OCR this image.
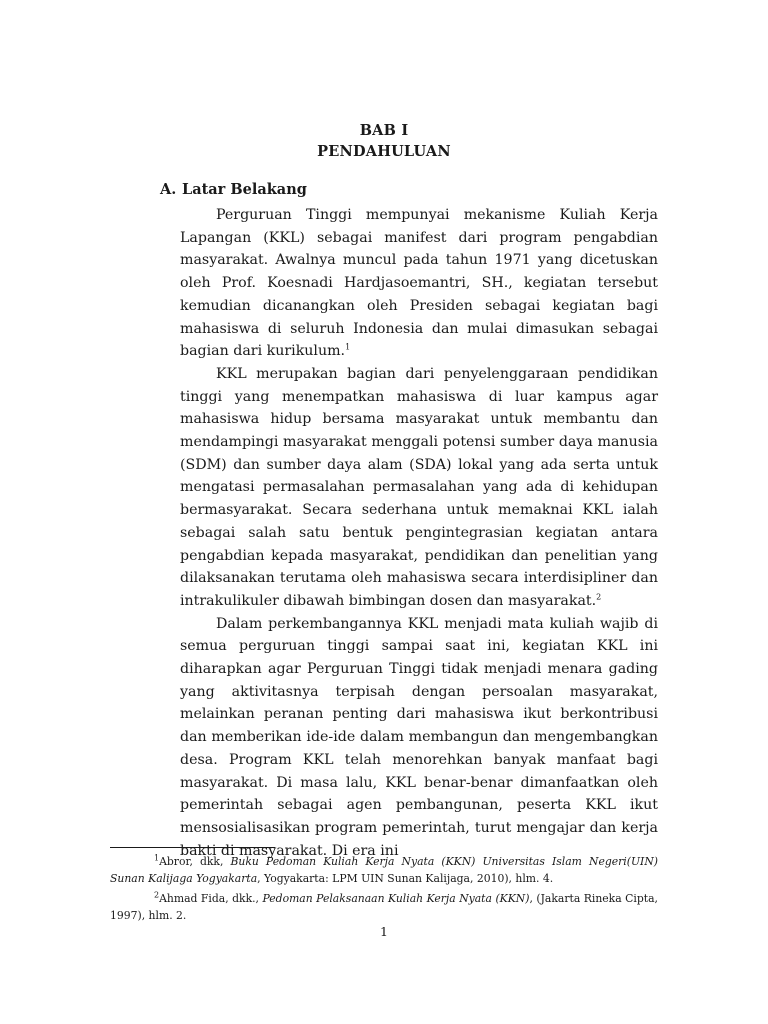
BAB I
PENDAHULUAN
A. Latar Belakang

Perguruan Tinggi mempunyai mekanisme Kuliah Kerja Lapangan (KKL) sebagai manifest dari program pengabdian masyarakat. Awalnya muncul pada tahun 1971 yang dicetuskan oleh Prof. Koesnadi Hardjasoemantri, SH., kegiatan tersebut kemudian dicanangkan oleh Presiden sebagai kegiatan bagi mahasiswa di seluruh Indonesia dan mulai dimasukan sebagai bagian dari kurikulum.$^1$

KKL merupakan bagian dari penyelenggaraan pendidikan tinggi yang menempatkan mahasiswa di luar kampus agar mahasiswa hidup bersama masyarakat untuk membantu dan mendampingi masyarakat menggali potensi sumber daya manusia (SDM) dan sumber daya alam (SDA) lokal yang ada serta untuk mengatasi permasalahan permasalahan yang ada di kehidupan bermasyarakat. Secara sederhana untuk memaknai KKL ialah sebagai salah satu bentuk pengintegrasian kegiatan antara pengabdian kepada masyarakat, pendidikan dan penelitian yang dilaksanakan terutama oleh mahasiswa secara interdisipliner dan intrakulikuler dibawah bimbingan dosen dan masyarakat.$^2$

Dalam perkembangannya KKL menjadi mata kuliah wajib di semua perguruan tinggi sampai saat ini, kegiatan KKL ini diharapkan agar Perguruan Tinggi tidak menjadi menara gading yang aktivitasnya terpisah dengan persoalan masyarakat, melainkan peranan penting dari mahasiswa ikut berkontribusi dan memberikan ide-ide dalam membangun dan mengembangkan desa. Program KKL telah menorehkan banyak manfaat bagi masyarakat. Di masa lalu, KKL benar-benar dimanfaatkan oleh pemerintah sebagai agen pembangunan, peserta KKL ikut mensosialisasikan program pemerintah, turut mengajar dan kerja bakti di masyarakat. Di era ini

$^1$Abror, dkk, Buku Pedoman Kuliah Kerja Nyata (KKN) Universitas Islam Negeri(UIN) Sunan Kalijaga Yogyakarta, Yogyakarta: LPM UIN Sunan Kalijaga, 2010), hlm. 4.

$^2$Ahmad Fida, dkk., Pedoman Pelaksanaan Kuliah Kerja Nyata (KKN), (Jakarta Rineka Cipta, 1997), hlm. 2.

1
